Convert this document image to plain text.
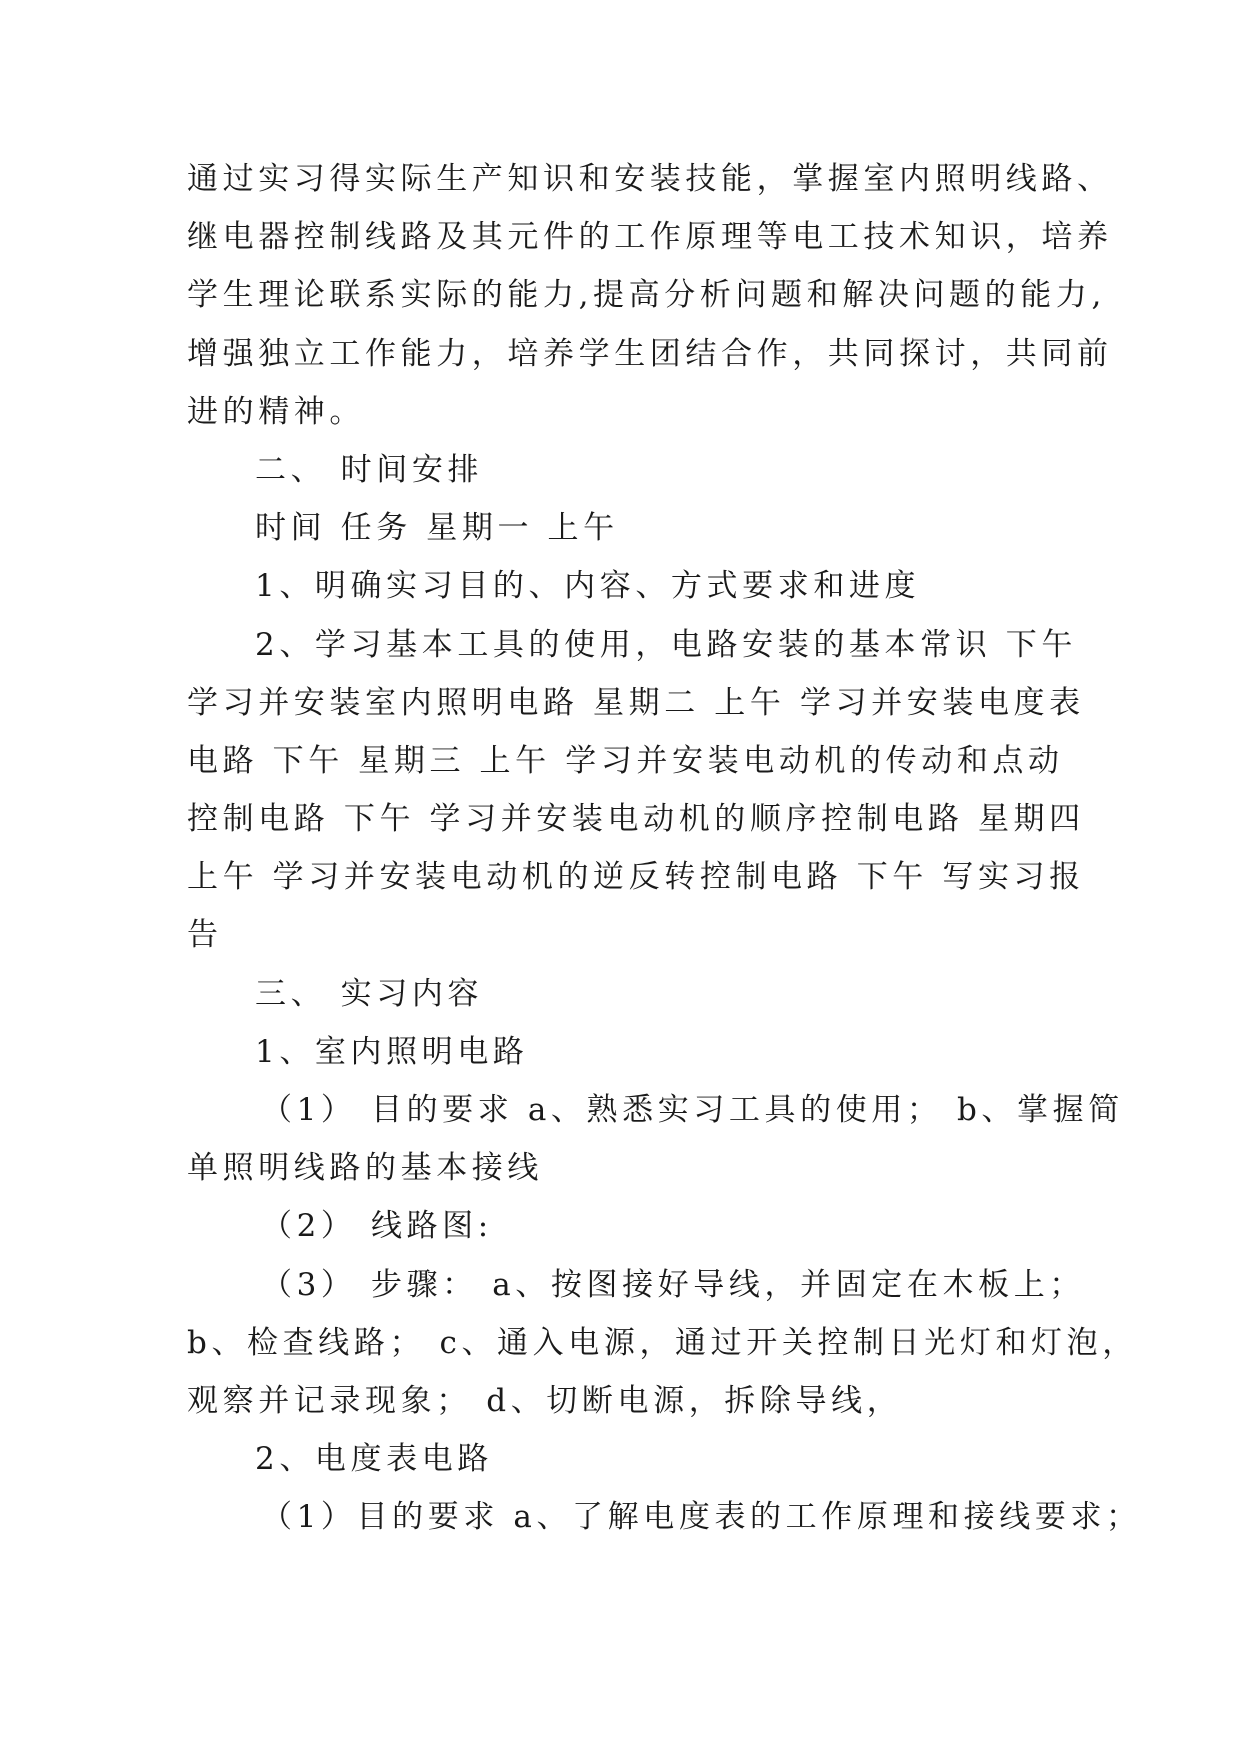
通过实习得实际生产知识和安装技能，掌握室内照明线路、
继电器控制线路及其元件的工作原理等电工技术知识，培养
学生理论联系实际的能力,提高分析问题和解决问题的能力,
增强独立工作能力，培养学生团结合作，共同探讨，共同前
进的精神。
二、 时间安排
时间 任务 星期一 上午
1、明确实习目的、内容、方式要求和进度
2、学习基本工具的使用，电路安装的基本常识 下午
学习并安装室内照明电路 星期二 上午 学习并安装电度表
电路 下午 星期三 上午 学习并安装电动机的传动和点动
控制电路 下午 学习并安装电动机的顺序控制电路 星期四
上午 学习并安装电动机的逆反转控制电路 下午 写实习报
告
三、 实习内容
1、室内照明电路
（1） 目的要求 a、熟悉实习工具的使用； b、掌握简
单照明线路的基本接线
（2） 线路图:
（3） 步骤： a、按图接好导线，并固定在木板上；
b、检查线路； c、通入电源，通过开关控制日光灯和灯泡，
观察并记录现象； d、切断电源，拆除导线，
2、电度表电路
（1）目的要求 a、了解电度表的工作原理和接线要求；
